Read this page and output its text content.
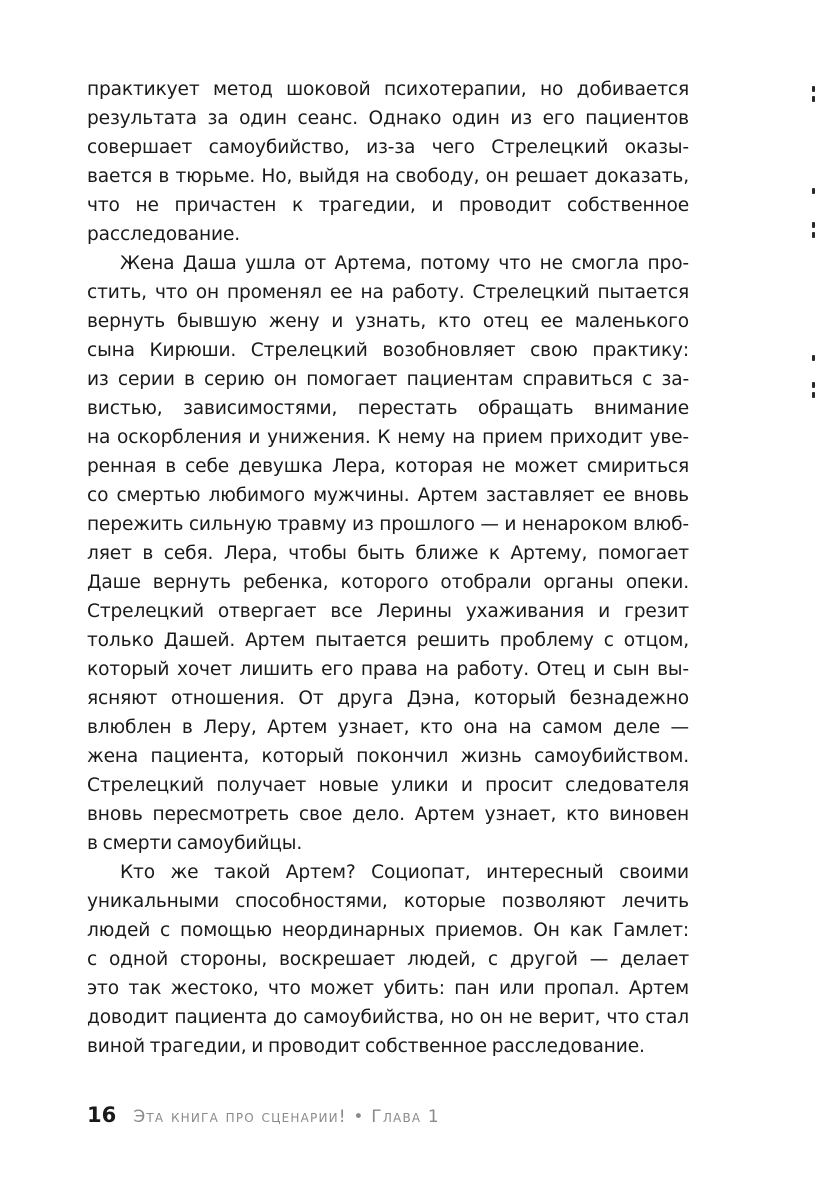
практикует метод шоковой психотерапии, но добивается
результата за один сеанс. Однако один из его пациентов
совершает самоубийство, из-за чего Стрелецкий оказы-
вается в тюрьме. Но, выйдя на свободу, он решает доказать,
что не причастен к трагедии, и проводит собственное
расследование.
Жена Даша ушла от Артема, потому что не смогла про-
стить, что он променял ее на работу. Стрелецкий пытается
вернуть бывшую жену и узнать, кто отец ее маленького
сына Кирюши. Стрелецкий возобновляет свою практику:
из серии в серию он помогает пациентам справиться с за-
вистью, зависимостями, перестать обращать внимание
на оскорбления и унижения. К нему на прием приходит уве-
ренная в себе девушка Лера, которая не может смириться
со смертью любимого мужчины. Артем заставляет ее вновь
пережить сильную травму из прошлого — и ненароком влюб-
ляет в себя. Лера, чтобы быть ближе к Артему, помогает
Даше вернуть ребенка, которого отобрали органы опеки.
Стрелецкий отвергает все Лерины ухаживания и грезит
только Дашей. Артем пытается решить проблему с отцом,
который хочет лишить его права на работу. Отец и сын вы-
ясняют отношения. От друга Дэна, который безнадежно
влюблен в Леру, Артем узнает, кто она на самом деле —
жена пациента, который покончил жизнь самоубийством.
Стрелецкий получает новые улики и просит следователя
вновь пересмотреть свое дело. Артем узнает, кто виновен
в смерти самоубийцы.
Кто же такой Артем? Социопат, интересный своими
уникальными способностями, которые позволяют лечить
людей с помощью неординарных приемов. Он как Гамлет:
с одной стороны, воскрешает людей, с другой — делает
это так жестоко, что может убить: пан или пропал. Артем
доводит пациента до самоубийства, но он не верит, что стал
виной трагедии, и проводит собственное расследование.
16 Эта книга про сценарии! • Глава 1
